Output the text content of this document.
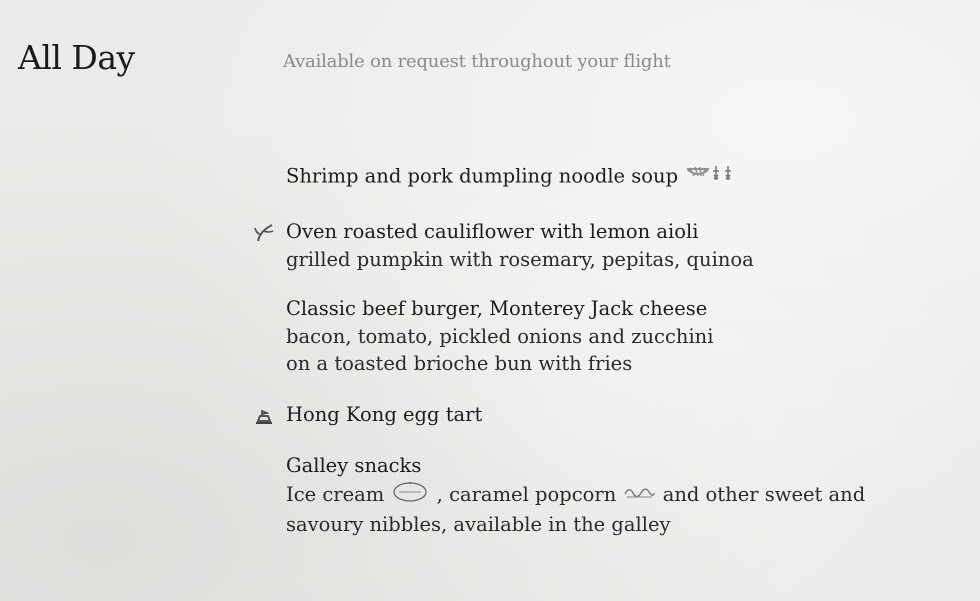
All Day	Available on request throughout your flight
Shrimp and pork dumpling noodle soup
Oven roasted cauliflower with lemon aioli
grilled pumpkin with rosemary, pepitas, quinoa
Classic beef burger, Monterey Jack cheese
bacon, tomato, pickled onions and zucchini
on a toasted brioche bun with fries
Hong Kong egg tart
Galley snacks
Ice cream	, caramel popcorn and other sweet and
savoury nibbles, available in the galley
